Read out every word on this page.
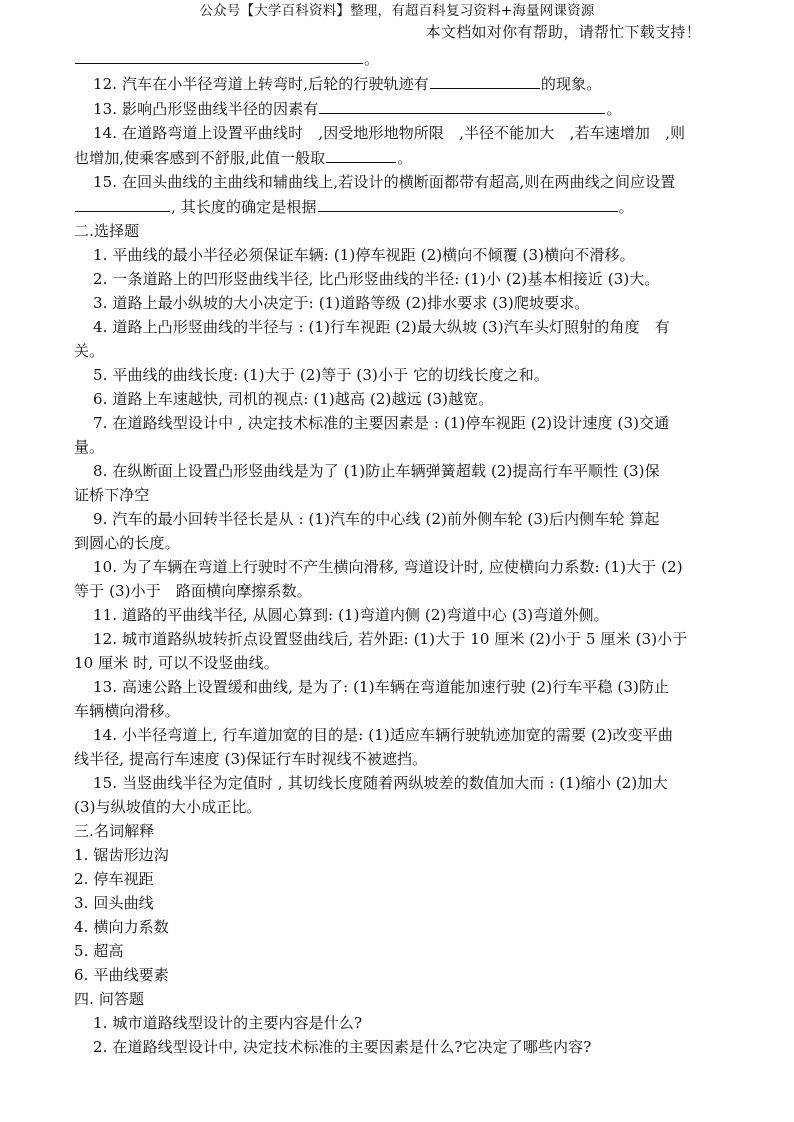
公众号【大学百科资料】整理，有超百科复习资料+海量网课资源
本文档如对你有帮助，请帮忙下载支持！

。

12. 汽车在小半径弯道上转弯时,后轮的行驶轨迹有	的现象。

13. 影响凸形竖曲线半径的因素有	。

14. 在道路弯道上设置平曲线时　,因受地形地物所限　,半径不能加大　,若车速增加　,则

也增加,使乘客感到不舒服,此值一般取	。

15. 在回头曲线的主曲线和辅曲线上,若设计的横断面都带有超高,则在两曲线之间应设置

, 其长度的确定是根据	。

二.选择题

1. 平曲线的最小半径必须保证车辆: (1)停车视距 (2)横向不倾覆 (3)横向不滑移。

2. 一条道路上的凹形竖曲线半径, 比凸形竖曲线的半径: (1)小 (2)基本相接近 (3)大。

3. 道路上最小纵坡的大小决定于: (1)道路等级 (2)排水要求 (3)爬坡要求。

4. 道路上凸形竖曲线的半径与 : (1)行车视距 (2)最大纵坡 (3)汽车头灯照射的角度　有

关。

5. 平曲线的曲线长度: (1)大于 (2)等于 (3)小于 它的切线长度之和。

6. 道路上车速越快, 司机的视点: (1)越高 (2)越远 (3)越宽。

7. 在道路线型设计中 , 决定技术标准的主要因素是 : (1)停车视距 (2)设计速度 (3)交通

量。

8. 在纵断面上设置凸形竖曲线是为了 (1)防止车辆弹簧超载 (2)提高行车平顺性 (3)保

证桥下净空

9. 汽车的最小回转半径长是从 : (1)汽车的中心线 (2)前外侧车轮 (3)后内侧车轮 算起

到圆心的长度。

10. 为了车辆在弯道上行驶时不产生横向滑移, 弯道设计时, 应使横向力系数: (1)大于 (2)

等于 (3)小于　路面横向摩擦系数。

11. 道路的平曲线半径, 从圆心算到: (1)弯道内侧 (2)弯道中心 (3)弯道外侧。

12. 城市道路纵坡转折点设置竖曲线后, 若外距: (1)大于 10 厘米 (2)小于 5 厘米 (3)小于

10 厘米 时, 可以不设竖曲线。

13. 高速公路上设置缓和曲线, 是为了: (1)车辆在弯道能加速行驶 (2)行车平稳 (3)防止

车辆横向滑移。

14. 小半径弯道上, 行车道加宽的目的是: (1)适应车辆行驶轨迹加宽的需要 (2)改变平曲

线半径, 提高行车速度 (3)保证行车时视线不被遮挡。

15. 当竖曲线半径为定值时 , 其切线长度随着两纵坡差的数值加大而 : (1)缩小 (2)加大

(3)与纵坡值的大小成正比。

三.名词解释

1. 锯齿形边沟

2. 停车视距

3. 回头曲线

4. 横向力系数

5. 超高

6. 平曲线要素

四. 问答题

1. 城市道路线型设计的主要内容是什么?

2. 在道路线型设计中, 决定技术标准的主要因素是什么?它决定了哪些内容?
